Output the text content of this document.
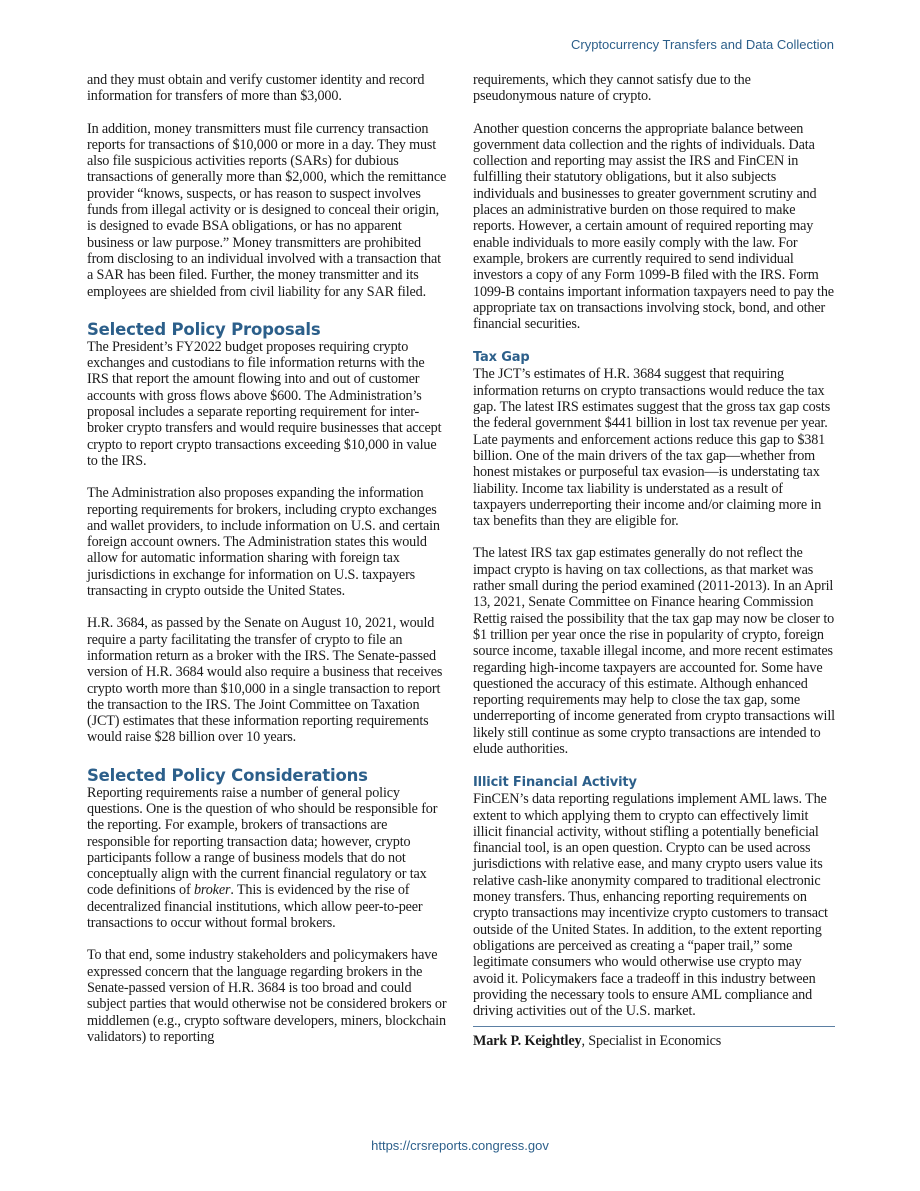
Cryptocurrency Transfers and Data Collection

and they must obtain and verify customer identity and record information for transfers of more than $3,000.

In addition, money transmitters must file currency transaction reports for transactions of $10,000 or more in a day. They must also file suspicious activities reports (SARs) for dubious transactions of generally more than $2,000, which the remittance provider “knows, suspects, or has reason to suspect involves funds from illegal activity or is designed to conceal their origin, is designed to evade BSA obligations, or has no apparent business or law purpose.” Money transmitters are prohibited from disclosing to an individual involved with a transaction that a SAR has been filed. Further, the money transmitter and its employees are shielded from civil liability for any SAR filed.

Selected Policy Proposals

The President’s FY2022 budget proposes requiring crypto exchanges and custodians to file information returns with the IRS that report the amount flowing into and out of customer accounts with gross flows above $600. The Administration’s proposal includes a separate reporting requirement for inter-broker crypto transfers and would require businesses that accept crypto to report crypto transactions exceeding $10,000 in value to the IRS.

The Administration also proposes expanding the information reporting requirements for brokers, including crypto exchanges and wallet providers, to include information on U.S. and certain foreign account owners. The Administration states this would allow for automatic information sharing with foreign tax jurisdictions in exchange for information on U.S. taxpayers transacting in crypto outside the United States.

H.R. 3684, as passed by the Senate on August 10, 2021, would require a party facilitating the transfer of crypto to file an information return as a broker with the IRS. The Senate-passed version of H.R. 3684 would also require a business that receives crypto worth more than $10,000 in a single transaction to report the transaction to the IRS. The Joint Committee on Taxation (JCT) estimates that these information reporting requirements would raise $28 billion over 10 years.

Selected Policy Considerations

Reporting requirements raise a number of general policy questions. One is the question of who should be responsible for the reporting. For example, brokers of transactions are responsible for reporting transaction data; however, crypto participants follow a range of business models that do not conceptually align with the current financial regulatory or tax code definitions of broker. This is evidenced by the rise of decentralized financial institutions, which allow peer-to-peer transactions to occur without formal brokers.

To that end, some industry stakeholders and policymakers have expressed concern that the language regarding brokers in the Senate-passed version of H.R. 3684 is too broad and could subject parties that would otherwise not be considered brokers or middlemen (e.g., crypto software developers, miners, blockchain validators) to reporting

requirements, which they cannot satisfy due to the pseudonymous nature of crypto.

Another question concerns the appropriate balance between government data collection and the rights of individuals. Data collection and reporting may assist the IRS and FinCEN in fulfilling their statutory obligations, but it also subjects individuals and businesses to greater government scrutiny and places an administrative burden on those required to make reports. However, a certain amount of required reporting may enable individuals to more easily comply with the law. For example, brokers are currently required to send individual investors a copy of any Form 1099-B filed with the IRS. Form 1099-B contains important information taxpayers need to pay the appropriate tax on transactions involving stock, bond, and other financial securities.

Tax Gap

The JCT’s estimates of H.R. 3684 suggest that requiring information returns on crypto transactions would reduce the tax gap. The latest IRS estimates suggest that the gross tax gap costs the federal government $441 billion in lost tax revenue per year. Late payments and enforcement actions reduce this gap to $381 billion. One of the main drivers of the tax gap—whether from honest mistakes or purposeful tax evasion—is understating tax liability. Income tax liability is understated as a result of taxpayers underreporting their income and/or claiming more in tax benefits than they are eligible for.

The latest IRS tax gap estimates generally do not reflect the impact crypto is having on tax collections, as that market was rather small during the period examined (2011-2013). In an April 13, 2021, Senate Committee on Finance hearing Commission Rettig raised the possibility that the tax gap may now be closer to $1 trillion per year once the rise in popularity of crypto, foreign source income, taxable illegal income, and more recent estimates regarding high-income taxpayers are accounted for. Some have questioned the accuracy of this estimate. Although enhanced reporting requirements may help to close the tax gap, some underreporting of income generated from crypto transactions will likely still continue as some crypto transactions are intended to elude authorities.

Illicit Financial Activity

FinCEN’s data reporting regulations implement AML laws. The extent to which applying them to crypto can effectively limit illicit financial activity, without stifling a potentially beneficial financial tool, is an open question. Crypto can be used across jurisdictions with relative ease, and many crypto users value its relative cash-like anonymity compared to traditional electronic money transfers. Thus, enhancing reporting requirements on crypto transactions may incentivize crypto customers to transact outside of the United States. In addition, to the extent reporting obligations are perceived as creating a “paper trail,” some legitimate consumers who would otherwise use crypto may avoid it. Policymakers face a tradeoff in this industry between providing the necessary tools to ensure AML compliance and driving activities out of the U.S. market.

Mark P. Keightley, Specialist in Economics

https://crsreports.congress.gov
